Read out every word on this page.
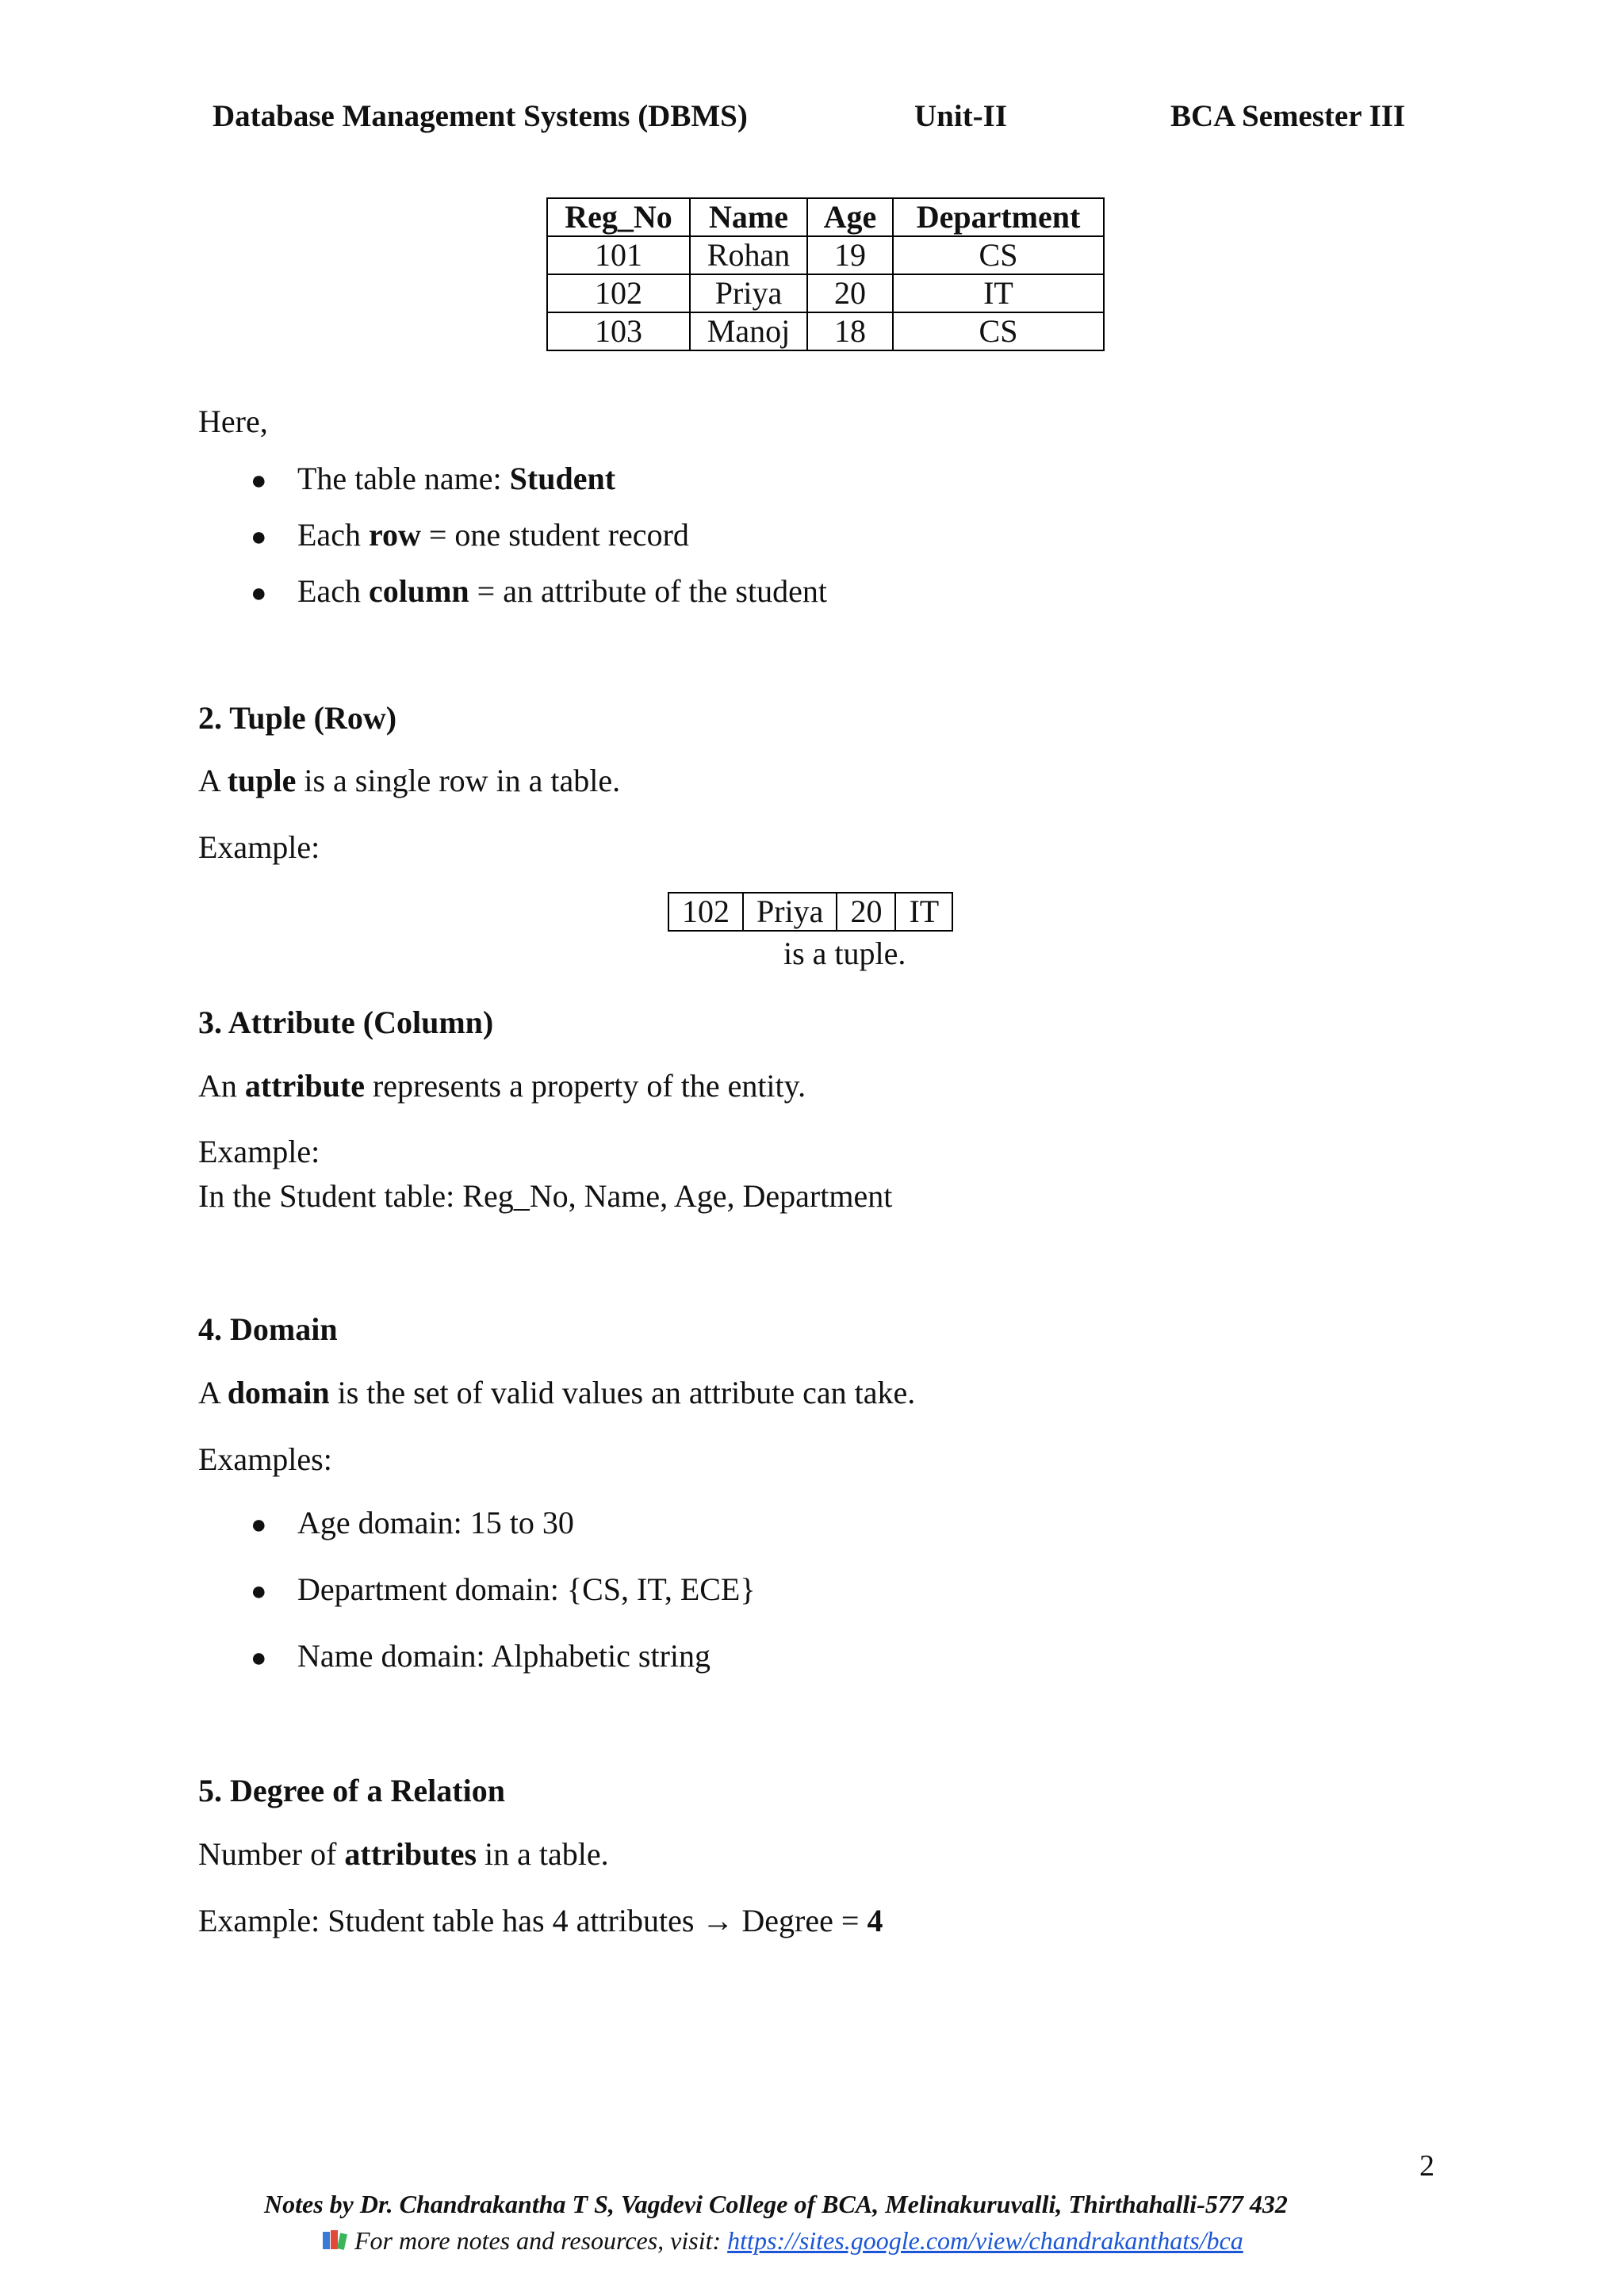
Database Management Systems (DBMS)	Unit-II	BCA Semester III
Reg_No	Name	Age	Department
101	Rohan	19	CS
102	Priya	20	IT
103	Manoj	18	CS
Here,
● The table name: Student
● Each row = one student record
● Each column = an attribute of the student
2. Tuple (Row)
A tuple is a single row in a table.
Example:
102	Priya	20	IT
is a tuple.
3. Attribute (Column)
An attribute represents a property of the entity.
Example:
In the Student table: Reg_No, Name, Age, Department
4. Domain
A domain is the set of valid values an attribute can take.
Examples:
● Age domain: 15 to 30
● Department domain: {CS, IT, ECE}
● Name domain: Alphabetic string
5. Degree of a Relation
Number of attributes in a table.
Example: Student table has 4 attributes → Degree = 4
2
Notes by Dr. Chandrakantha T S, Vagdevi College of BCA, Melinakuruvalli, Thirthahalli-577 432
For more notes and resources, visit: https://sites.google.com/view/chandrakanthats/bca
